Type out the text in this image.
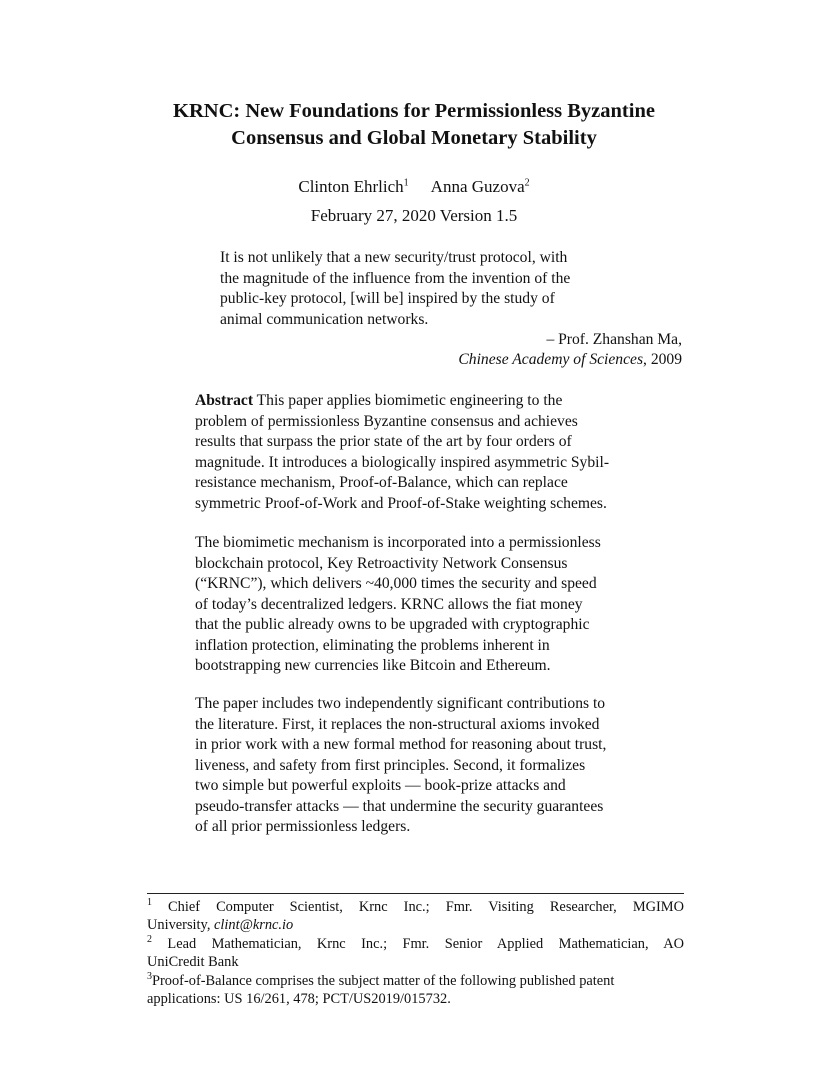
KRNC: New Foundations for Permissionless Byzantine
Consensus and Global Monetary Stability
Clinton Ehrlich$^1$ Anna Guzova$^2$
February 27, 2020 Version 1.5
It is not unlikely that a new security/trust protocol, with
the magnitude of the influence from the invention of the
public-key protocol, [will be] inspired by the study of
animal communication networks.
– Prof. Zhanshan Ma,
Chinese Academy of Sciences, 2009
Abstract This paper applies biomimetic engineering to the
problem of permissionless Byzantine consensus and achieves
results that surpass the prior state of the art by four orders of
magnitude. It introduces a biologically inspired asymmetric Sybil-
resistance mechanism, Proof-of-Balance, which can replace
symmetric Proof-of-Work and Proof-of-Stake weighting schemes.
The biomimetic mechanism is incorporated into a permissionless
blockchain protocol, Key Retroactivity Network Consensus
(“KRNC”), which delivers ~40,000 times the security and speed
of today’s decentralized ledgers. KRNC allows the fiat money
that the public already owns to be upgraded with cryptographic
inflation protection, eliminating the problems inherent in
bootstrapping new currencies like Bitcoin and Ethereum.
The paper includes two independently significant contributions to
the literature. First, it replaces the non-structural axioms invoked
in prior work with a new formal method for reasoning about trust,
liveness, and safety from first principles. Second, it formalizes
two simple but powerful exploits — book-prize attacks and
pseudo-transfer attacks — that undermine the security guarantees
of all prior permissionless ledgers.
$^1$ Chief Computer Scientist, Krnc Inc.; Fmr. Visiting Researcher, MGIMO
University, clint@krnc.io
$^2$ Lead Mathematician, Krnc Inc.; Fmr. Senior Applied Mathematician, AO
UniCredit Bank
$^3$Proof-of-Balance comprises the subject matter of the following published patent
applications: US 16/261, 478; PCT/US2019/015732.
